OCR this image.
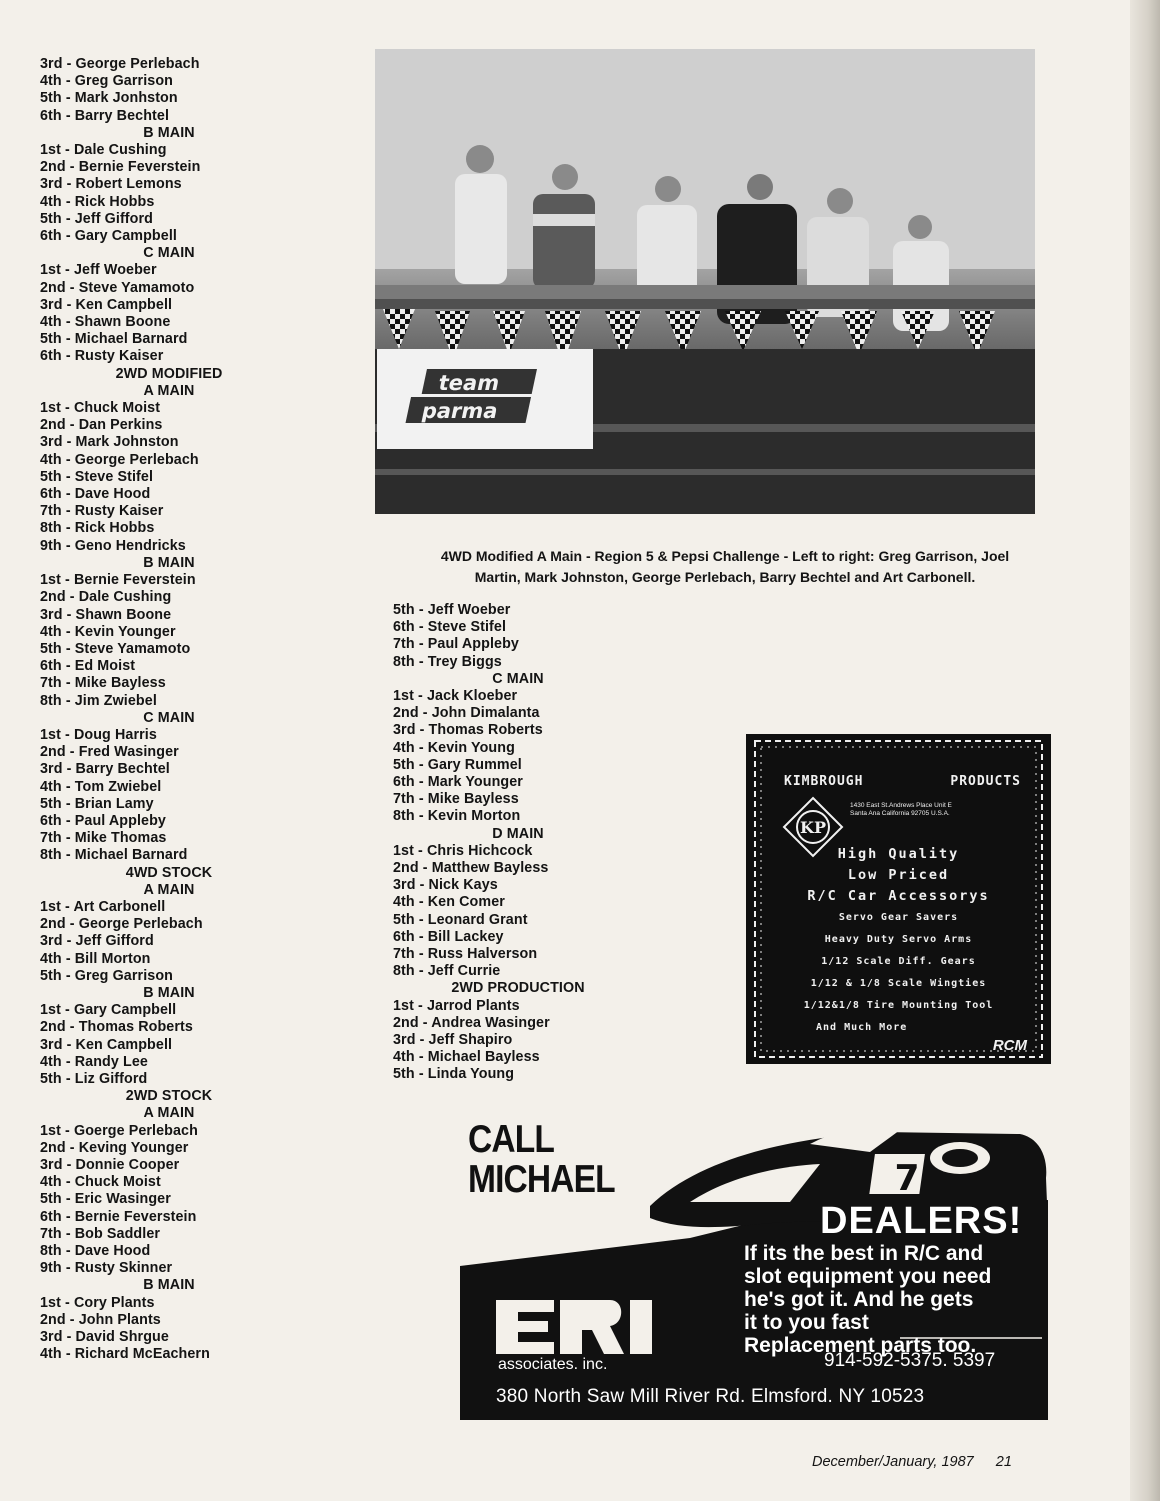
3rd - George Perlebach
4th - Greg Garrison
5th - Mark Jonhston
6th - Barry Bechtel
B MAIN
1st - Dale Cushing
2nd - Bernie Feverstein
3rd - Robert Lemons
4th - Rick Hobbs
5th - Jeff Gifford
6th - Gary Campbell
C MAIN
1st - Jeff Woeber
2nd - Steve Yamamoto
3rd - Ken Campbell
4th - Shawn Boone
5th - Michael Barnard
6th - Rusty Kaiser
2WD MODIFIED
A MAIN
1st - Chuck Moist
2nd - Dan Perkins
3rd - Mark Johnston
4th - George Perlebach
5th - Steve Stifel
6th - Dave Hood
7th - Rusty Kaiser
8th - Rick Hobbs
9th - Geno Hendricks
B MAIN
1st - Bernie Feverstein
2nd - Dale Cushing
3rd - Shawn Boone
4th - Kevin Younger
5th - Steve Yamamoto
6th - Ed Moist
7th - Mike Bayless
8th - Jim Zwiebel
C MAIN
1st - Doug Harris
2nd - Fred Wasinger
3rd - Barry Bechtel
4th - Tom Zwiebel
5th - Brian Lamy
6th - Paul Appleby
7th - Mike Thomas
8th - Michael Barnard
4WD STOCK
A MAIN
1st - Art Carbonell
2nd - George Perlebach
3rd - Jeff Gifford
4th - Bill Morton
5th - Greg Garrison
B MAIN
1st - Gary Campbell
2nd - Thomas Roberts
3rd - Ken Campbell
4th - Randy Lee
5th - Liz Gifford
2WD STOCK
A MAIN
1st - Goerge Perlebach
2nd - Keving Younger
3rd - Donnie Cooper
4th - Chuck Moist
5th - Eric Wasinger
6th - Bernie Feverstein
7th - Bob Saddler
8th - Dave Hood
9th - Rusty Skinner
B MAIN
1st - Cory Plants
2nd - John Plants
3rd - David Shrgue
4th - Richard McEachern
5th - Jeff Woeber
6th - Steve Stifel
7th - Paul Appleby
8th - Trey Biggs
C MAIN
1st - Jack Kloeber
2nd - John Dimalanta
3rd - Thomas Roberts
4th - Kevin Young
5th - Gary Rummel
6th - Mark Younger
7th - Mike Bayless
8th - Kevin Morton
D MAIN
1st - Chris Hichcock
2nd - Matthew Bayless
3rd - Nick Kays
4th - Ken Comer
5th - Leonard Grant
6th - Bill Lackey
7th - Russ Halverson
8th - Jeff Currie
2WD PRODUCTION
1st - Jarrod Plants
2nd - Andrea Wasinger
3rd - Jeff Shapiro
4th - Michael Bayless
5th - Linda Young
team
parma
4WD Modified A Main - Region 5 & Pepsi Challenge - Left to right: Greg Garrison, Joel
Martin, Mark Johnston, George Perlebach, Barry Bechtel and Art Carbonell.
KIMBROUGH	PRODUCTS
KP
1430 East St.Andrews Place Unit E
Santa Ana California 92705 U.S.A.
High Quality
Low Priced
R/C Car Accessorys
Servo Gear Savers
Heavy Duty Servo Arms
1/12 Scale Diff. Gears
1/12 & 1/8 Scale Wingties
1/12&1/8 Tire Mounting Tool
And Much More
RCM
7
CALL
MICHAEL
DEALERS!
If its the best in R/C and
slot equipment you need
he's got it. And he gets
it to you fast
Replacement parts too.
914-592-5375. 5397
associates. inc.
380 North Saw Mill River Rd. Elmsford. NY 10523
December/January, 1987 21
